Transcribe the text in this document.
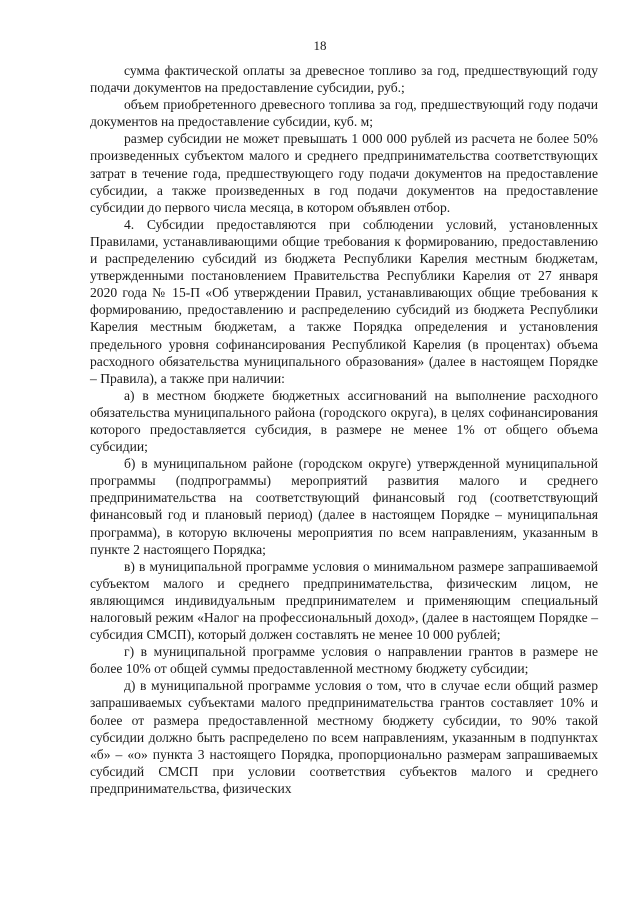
18

сумма фактической оплаты за древесное топливо за год, предшествующий году подачи документов на предоставление субсидии, руб.;

объем приобретенного древесного топлива за год, предшествующий году подачи документов на предоставление субсидии, куб. м;

размер субсидии не может превышать 1 000 000 рублей из расчета не более 50% произведенных субъектом малого и среднего предпринимательства соответствующих затрат в течение года, предшествующего году подачи документов на предоставление субсидии, а также произведенных в год подачи документов на предоставление субсидии до первого числа месяца, в котором объявлен отбор.

4. Субсидии предоставляются при соблюдении условий, установленных Правилами, устанавливающими общие требования к формированию, предоставлению и распределению субсидий из бюджета Республики Карелия местным бюджетам, утвержденными постановлением Правительства Республики Карелия от 27 января 2020 года № 15-П «Об утверждении Правил, устанавливающих общие требования к формированию, предоставлению и распределению субсидий из бюджета Республики Карелия местным бюджетам, а также Порядка определения и установления предельного уровня софинансирования Республикой Карелия (в процентах) объема расходного обязательства муниципального образования» (далее в настоящем Порядке – Правила), а также при наличии:

а) в местном бюджете бюджетных ассигнований на выполнение расходного обязательства муниципального района (городского округа), в целях софинансирования которого предоставляется субсидия, в размере не менее 1% от общего объема субсидии;

б) в муниципальном районе (городском округе) утвержденной муниципальной программы (подпрограммы) мероприятий развития малого и среднего предпринимательства на соответствующий финансовый год (соответствующий финансовый год и плановый период) (далее в настоящем Порядке – муниципальная программа), в которую включены мероприятия по всем направлениям, указанным в пункте 2 настоящего Порядка;

в) в муниципальной программе условия о минимальном размере запрашиваемой субъектом малого и среднего предпринимательства, физическим лицом, не являющимся индивидуальным предпринимателем и применяющим специальный налоговый режим «Налог на профессиональный доход», (далее в настоящем Порядке – субсидия СМСП), который должен составлять не менее 10 000 рублей;

г) в муниципальной программе условия о направлении грантов в размере не более 10% от общей суммы предоставленной местному бюджету субсидии;

д) в муниципальной программе условия о том, что в случае если общий размер запрашиваемых субъектами малого предпринимательства грантов составляет 10% и более от размера предоставленной местному бюджету субсидии, то 90% такой субсидии должно быть распределено по всем направлениям, указанным в подпунктах «б» – «о» пункта 3 настоящего Порядка, пропорционально размерам запрашиваемых субсидий СМСП при условии соответствия субъектов малого и среднего предпринимательства, физических
